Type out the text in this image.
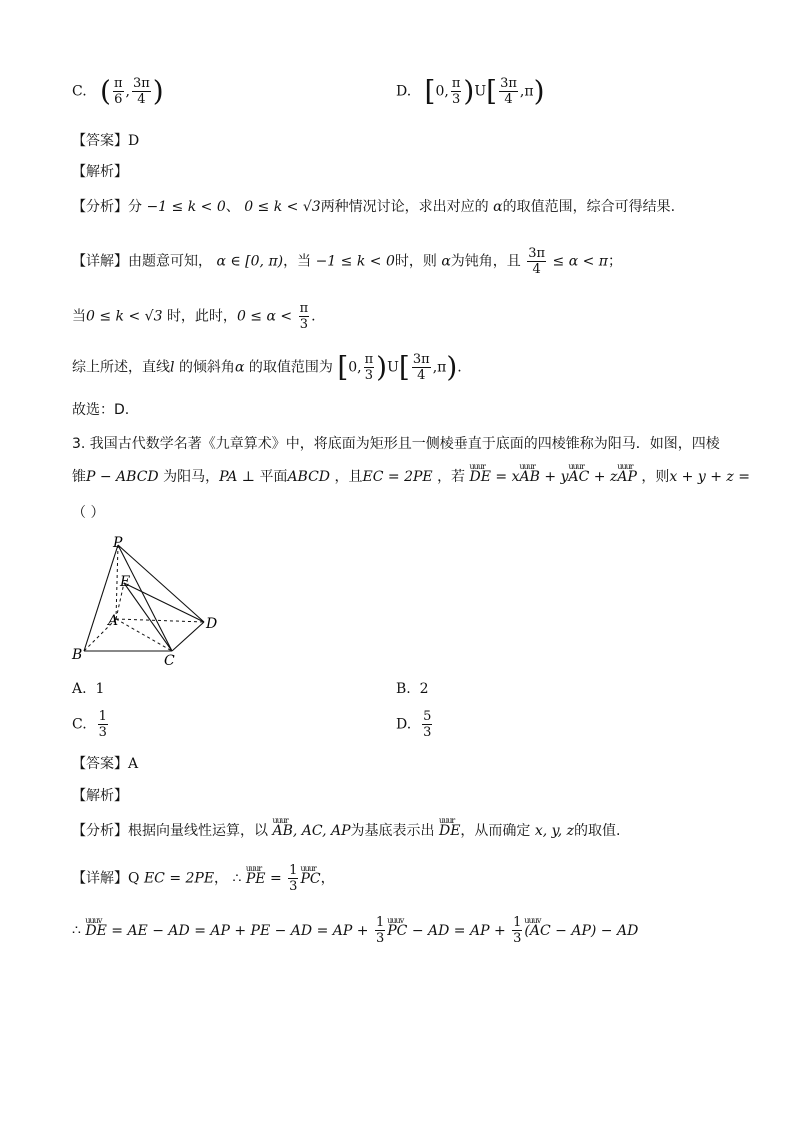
C. ( $\frac{\pi}{6}$ , $\frac{3\pi}{4}$ )	D. [0, $\frac{\pi}{3} )U[ \frac{3\pi}{4} ,\pi)$
【答案】D
【解析】
【分析】分 −1 ≤ k < 0、 0 ≤ k < √3两种情况讨论，求出对应的 α的取值范围，综合可得结果.
【详解】由题意可知， α ∈ [0, π)，当 −1 ≤ k < 0时，则 α为钝角，且 $\frac{3\pi}{4} \le \alpha < \pi$；
当0 ≤ k < √3 时，此时，$0 \le \alpha < \frac{\pi}{3}$ .
综上所述，直线l 的倾斜角α 的取值范围为 [0, $\frac{\pi}{3} )U[ \frac{3\pi}{4} ,\pi)$.
故选：D.
3. 我国古代数学名著《九章算术》中，将底面为矩形且一侧棱垂直于底面的四棱锥称为阳马．如图，四棱
锥P − ABCD 为阳马，PA ⊥ 平面ABCD ，且EC = 2PE ，若 uuur DE = xuuur AB + yuuur AC + zuuur AP ，则x + y + z =
（ ）
P
E
A
B	C
D
A. 1	B. 2
C. $\frac{1}{3}$	D. $\frac{5}{3}$
【答案】A
【解析】
【分析】根据向量线性运算，以 uuur AB, AC, AP为基底表示出 uuur DE，从而确定 x, y, z的取值.
【详解】Q EC = 2PE， ∴ uuur PE = $\frac{1}{3}$ uuur PC，
∴ uuuv DE = AE − AD = AP + PE − AD = AP + $\frac{1}{3}$ uuuv PC − AD = AP + $\frac{1}{3}$ uuuv (AC − AP) − AD
